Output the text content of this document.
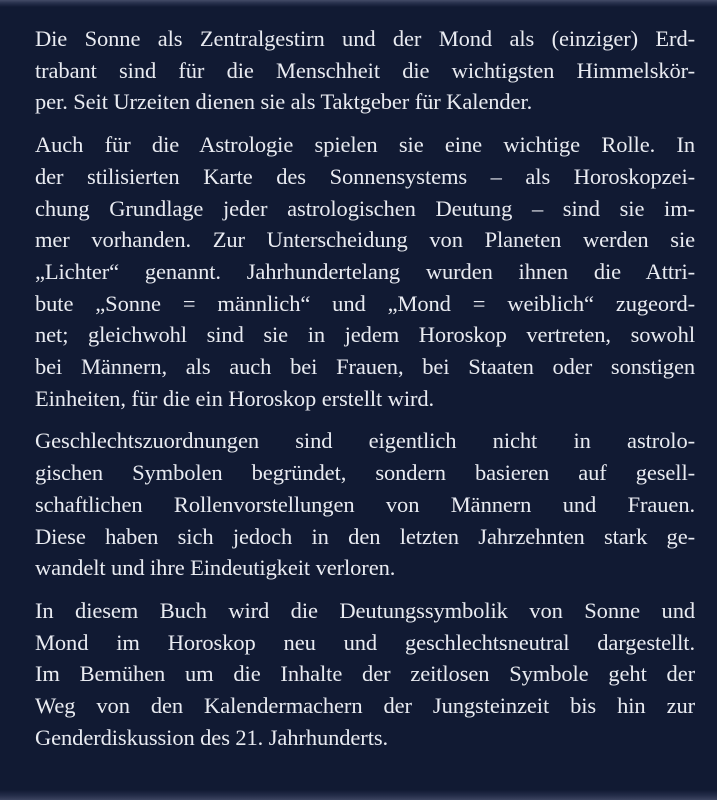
Die Sonne als Zentralgestirn und der Mond als (einziger) Erd-
trabant sind für die Menschheit die wichtigsten Himmelskör-
per. Seit Urzeiten dienen sie als Taktgeber für Kalender.
Auch für die Astrologie spielen sie eine wichtige Rolle. In
der stilisierten Karte des Sonnensystems – als Horoskopzei-
chung Grundlage jeder astrologischen Deutung – sind sie im-
mer vorhanden. Zur Unterscheidung von Planeten werden sie
„Lichter“ genannt. Jahrhundertelang wurden ihnen die Attri-
bute „Sonne = männlich“ und „Mond = weiblich“ zugeord-
net; gleichwohl sind sie in jedem Horoskop vertreten, sowohl
bei Männern, als auch bei Frauen, bei Staaten oder sonstigen
Einheiten, für die ein Horoskop erstellt wird.
Geschlechtszuordnungen sind eigentlich nicht in astrolo-
gischen Symbolen begründet, sondern basieren auf gesell-
schaftlichen Rollenvorstellungen von Männern und Frauen.
Diese haben sich jedoch in den letzten Jahrzehnten stark ge-
wandelt und ihre Eindeutigkeit verloren.
In diesem Buch wird die Deutungssymbolik von Sonne und
Mond im Horoskop neu und geschlechtsneutral dargestellt.
Im Bemühen um die Inhalte der zeitlosen Symbole geht der
Weg von den Kalendermachern der Jungsteinzeit bis hin zur
Genderdiskussion des 21. Jahrhunderts.
